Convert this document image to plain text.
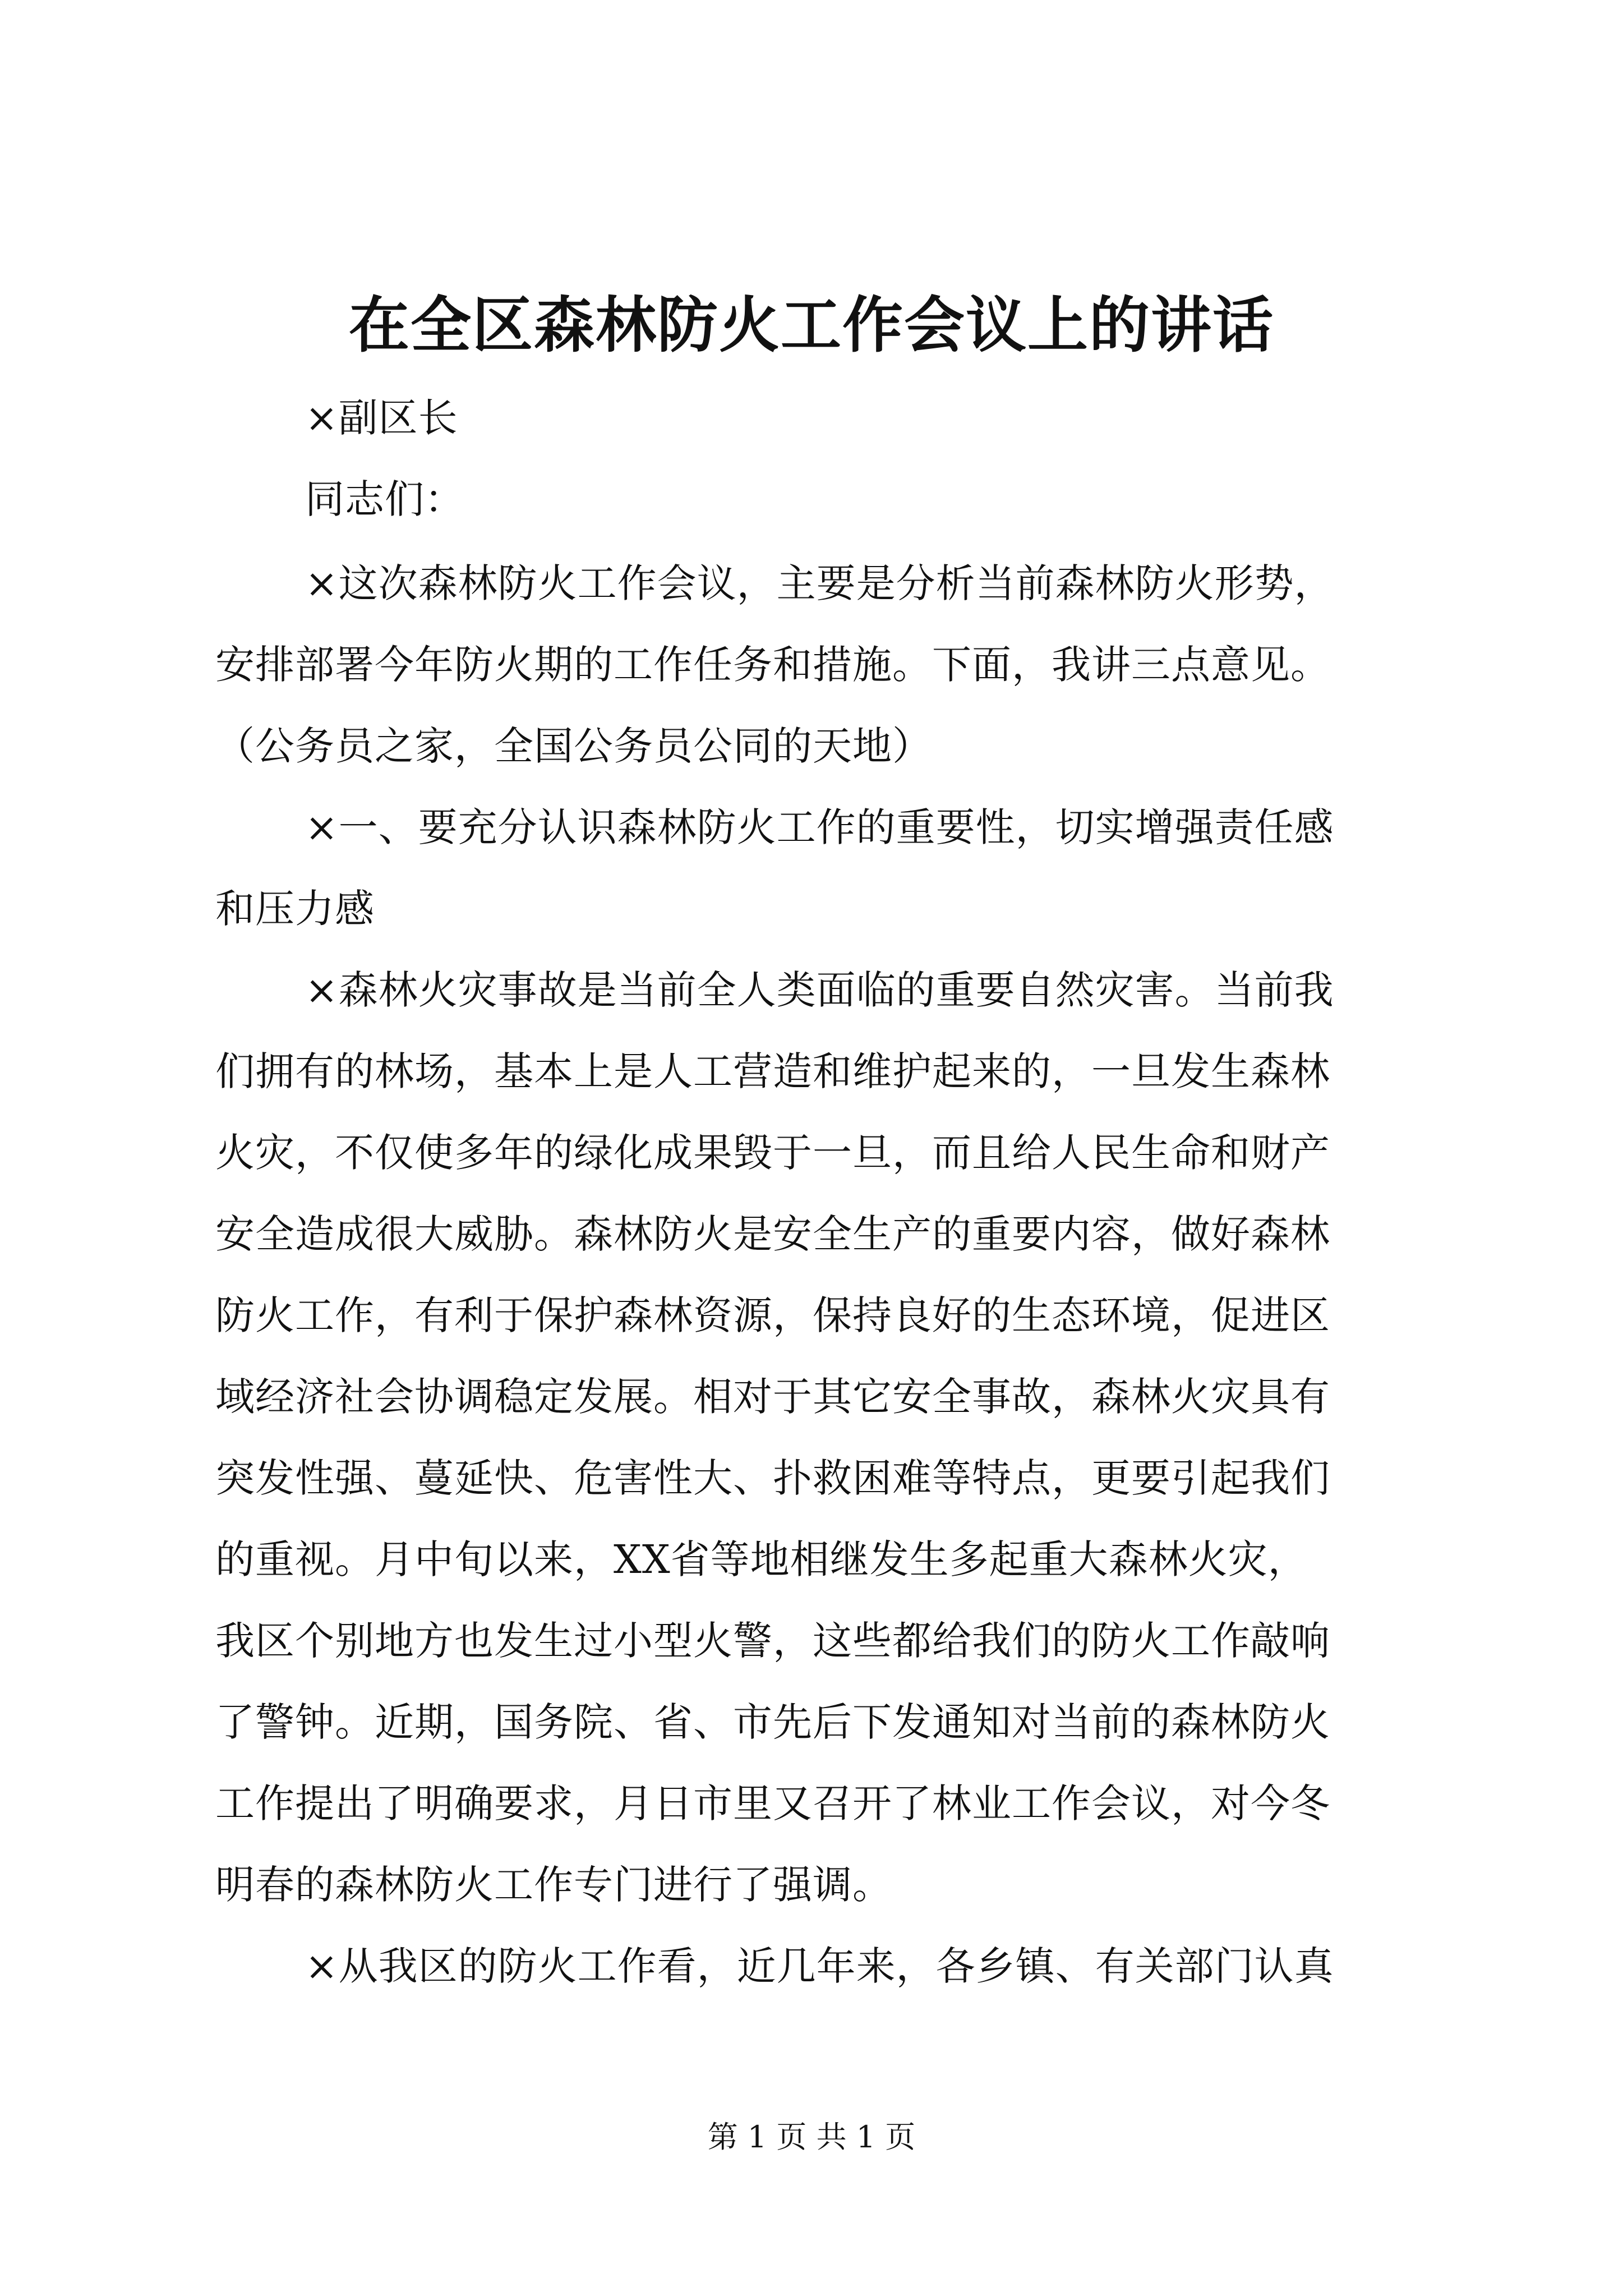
在全区森林防火工作会议上的讲话
×副区长
同志们：
×这次森林防火工作会议，主要是分析当前森林防火形势，
安排部署今年防火期的工作任务和措施。下面，我讲三点意见。
（公务员之家，全国公务员公同的天地）
×一、要充分认识森林防火工作的重要性，切实增强责任感
和压力感
×森林火灾事故是当前全人类面临的重要自然灾害。当前我
们拥有的林场，基本上是人工营造和维护起来的，一旦发生森林
火灾，不仅使多年的绿化成果毁于一旦，而且给人民生命和财产
安全造成很大威胁。森林防火是安全生产的重要内容，做好森林
防火工作，有利于保护森林资源，保持良好的生态环境，促进区
域经济社会协调稳定发展。相对于其它安全事故，森林火灾具有
突发性强、蔓延快、危害性大、扑救困难等特点，更要引起我们
的重视。月中旬以来，XX省等地相继发生多起重大森林火灾，
我区个别地方也发生过小型火警，这些都给我们的防火工作敲响
了警钟。近期，国务院、省、市先后下发通知对当前的森林防火
工作提出了明确要求，月日市里又召开了林业工作会议，对今冬
明春的森林防火工作专门进行了强调。
×从我区的防火工作看，近几年来，各乡镇、有关部门认真
第 1 页 共 1 页
